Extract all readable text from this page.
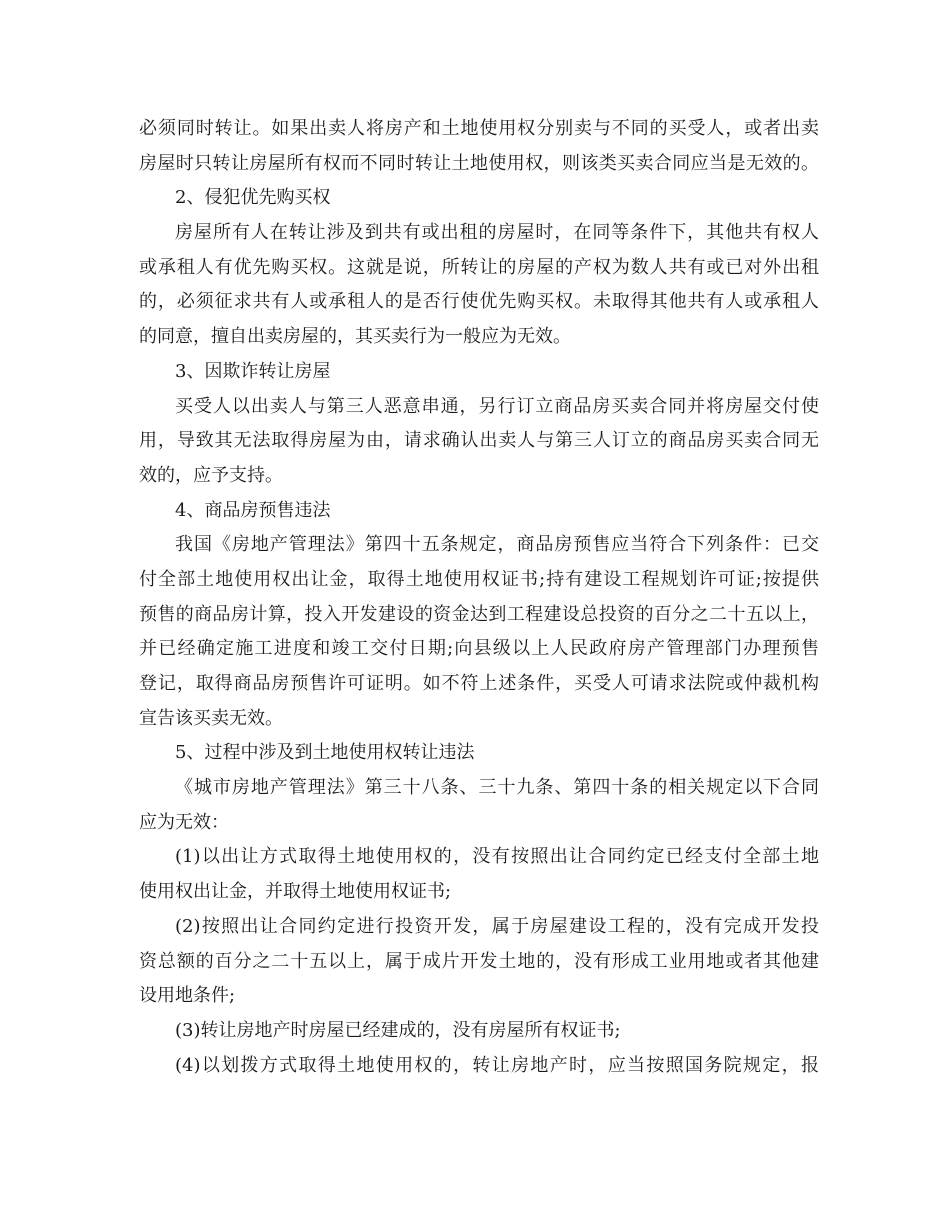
必须同时转让。如果出卖人将房产和土地使用权分别卖与不同的买受人，或者出卖
房屋时只转让房屋所有权而不同时转让土地使用权，则该类买卖合同应当是无效的。
2、侵犯优先购买权
房屋所有人在转让涉及到共有或出租的房屋时，在同等条件下，其他共有权人
或承租人有优先购买权。这就是说，所转让的房屋的产权为数人共有或已对外出租
的，必须征求共有人或承租人的是否行使优先购买权。未取得其他共有人或承租人
的同意，擅自出卖房屋的，其买卖行为一般应为无效。
3、因欺诈转让房屋
买受人以出卖人与第三人恶意串通，另行订立商品房买卖合同并将房屋交付使
用，导致其无法取得房屋为由，请求确认出卖人与第三人订立的商品房买卖合同无
效的，应予支持。
4、商品房预售违法
我国《房地产管理法》第四十五条规定，商品房预售应当符合下列条件：已交
付全部土地使用权出让金，取得土地使用权证书;持有建设工程规划许可证;按提供
预售的商品房计算，投入开发建设的资金达到工程建设总投资的百分之二十五以上，
并已经确定施工进度和竣工交付日期;向县级以上人民政府房产管理部门办理预售
登记，取得商品房预售许可证明。如不符上述条件，买受人可请求法院或仲裁机构
宣告该买卖无效。
5、过程中涉及到土地使用权转让违法
《城市房地产管理法》第三十八条、三十九条、第四十条的相关规定以下合同
应为无效：
(1)以出让方式取得土地使用权的，没有按照出让合同约定已经支付全部土地
使用权出让金，并取得土地使用权证书;
(2)按照出让合同约定进行投资开发，属于房屋建设工程的，没有完成开发投
资总额的百分之二十五以上，属于成片开发土地的，没有形成工业用地或者其他建
设用地条件;
(3)转让房地产时房屋已经建成的，没有房屋所有权证书;
(4)以划拨方式取得土地使用权的，转让房地产时，应当按照国务院规定，报
